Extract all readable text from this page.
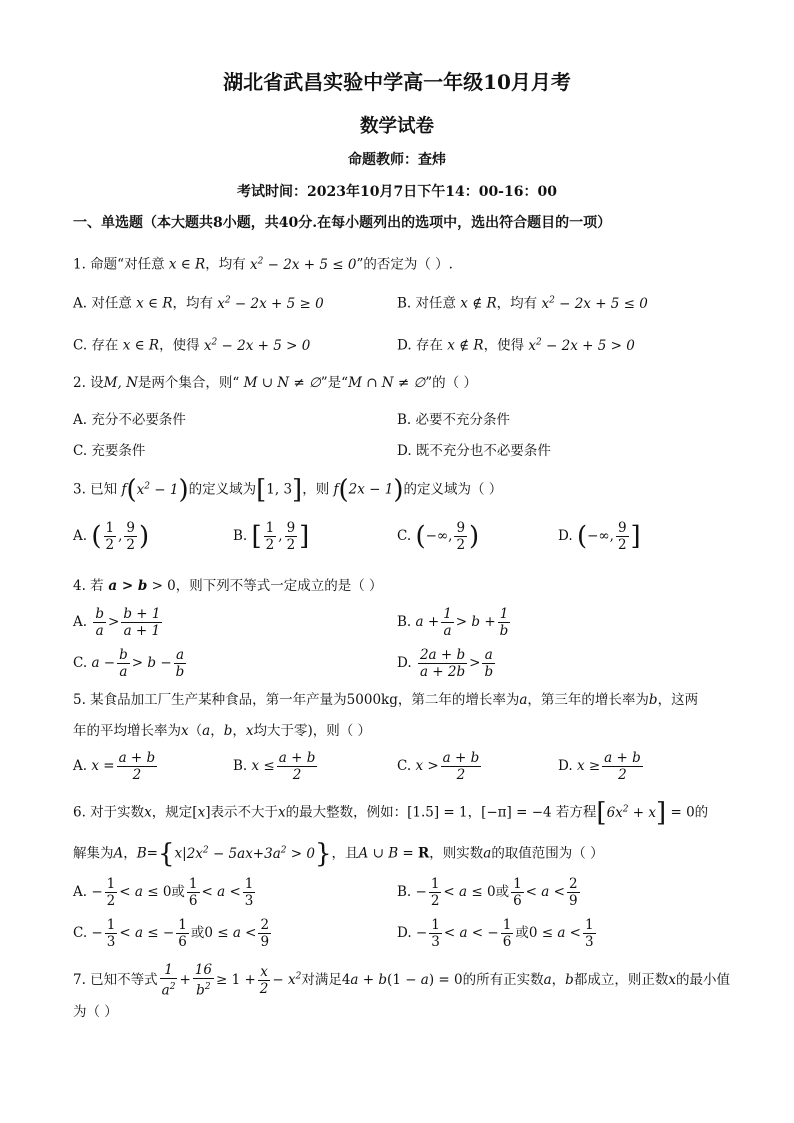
湖北省武昌实验中学高一年级10月月考
数学试卷
命题教师：查炜
考试时间：2023年10月7日下午14：00-16：00
一、单选题（本大题共8小题，共40分.在每小题列出的选项中，选出符合题目的一项）
1. 命题“对任意 x ∈ R，均有 $x^2 - 2x + 5 \le 0$”的否定为（ ）.
A. 对任意 x ∈ R，均有 $x^2 - 2x + 5 \ge 0$	B. 对任意 x ∉ R，均有 $x^2 - 2x + 5 \le 0$
C. 存在 x ∈ R，使得 $x^2 - 2x + 5 > 0$	D. 存在 x ∉ R，使得 $x^2 - 2x + 5 > 0$
2. 设M, N是两个集合，则“ M ∪ N ≠ ∅”是“M ∩ N ≠ ∅”的（ ）
A. 充分不必要条件	B. 必要不充分条件
C. 充要条件	D. 既不充分也不必要条件
3. 已知 $f(x^2 - 1)$的定义域为[1, 3]，则 f(2x − 1)的定义域为（ ）
A. ( $\frac{1}{2}$ , $\frac{9}{2}$ )	B. [ $\frac{1}{2}$ , $\frac{9}{2}$ ]	C. (−∞, $\frac{9}{2}$ )	D. (−∞, $\frac{9}{2}$ ]
4. 若 a > b > 0，则下列不等式一定成立的是（ ）
A. $\frac{b}{a} > \frac{b + 1}{a + 1}$	B. $a + \frac{1}{a} > b + \frac{1}{b}$
C. $a - \frac{b}{a} > b - \frac{a}{b}$	D. $\frac{2a + b}{a + 2b} > \frac{a}{b}$
5. 某食品加工厂生产某种食品，第一年产量为5000kg，第二年的增长率为a，第三年的增长率为b，这两
年的平均增长率为x（a，b，x均大于零)，则（ ）
A. $x = \frac{a + b}{2}$	B. $x \le \frac{a + b}{2}$	C. $x > \frac{a + b}{2}$	D. $x \ge \frac{a + b}{2}$
6. 对于实数x，规定[x]表示不大于x的最大整数，例如：[1.5] = 1，[−π] = −4 若方程$[6x^2 + x] = 0$的
解集为A，$B=\{x|2x^2 - 5ax+3a^2 > 0\}$，且A ∪ B = R，则实数a的取值范围为（ ）
A. − $\frac{1}{2} < a \le 0$或 $\frac{1}{6} < a < \frac{1}{3}$	B. − $\frac{1}{2} < a \le 0$或 $\frac{1}{6} < a < \frac{2}{9}$
C. − $\frac{1}{3} < a$ ≤ − $\frac{1}{6}$ 或$0 \le a < \frac{2}{9}$	D. − $\frac{1}{3} < a$ < − $\frac{1}{6}$ 或$0 \le a < \frac{1}{3}$
7. 已知不等式 $\frac{1}{a^2} + \frac{16}{b^2} \ge 1 + \frac{x}{2} - x^2$对满足4a + b(1 − a) = 0的所有正实数a，b都成立，则正数x的最小值
为（ ）
